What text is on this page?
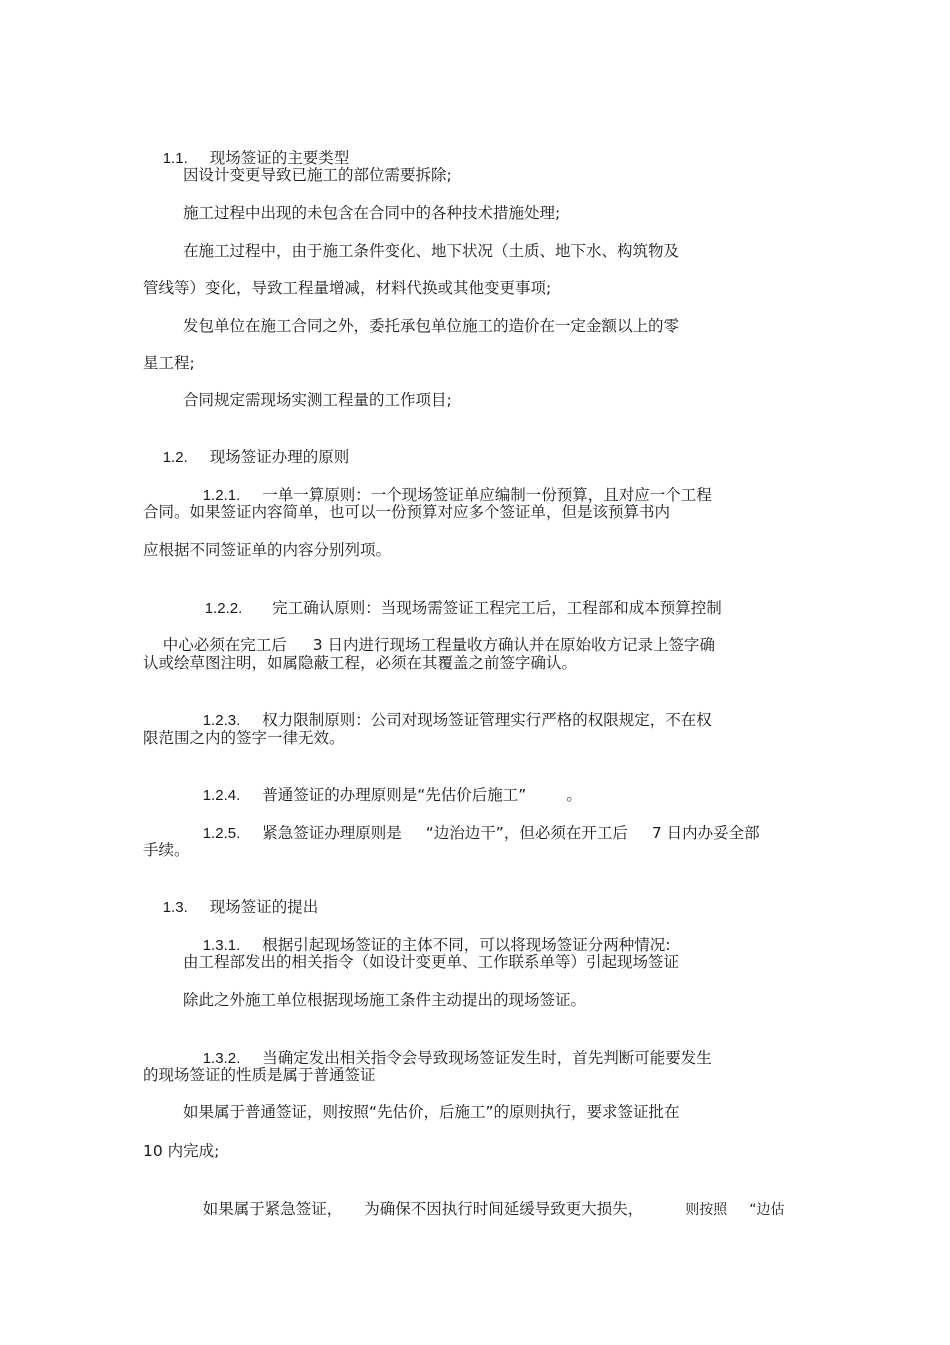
1.1. 现场签证的主要类型

因设计变更导致已施工的部位需要拆除;
施工过程中出现的未包含在合同中的各种技术措施处理;
在施工过程中，由于施工条件变化、地下状况（土质、地下水、构筑物及
管线等）变化，导致工程量增减，材料代换或其他变更事项;
发包单位在施工合同之外，委托承包单位施工的造价在一定金额以上的零
星工程;
合同规定需现场实测工程量的工作项目;

1.2. 现场签证办理的原则

1.2.1. 一单一算原则：一个现场签证单应编制一份预算，且对应一个工程

合同。如果签证内容简单，也可以一份预算对应多个签证单，但是该预算书内
应根据不同签证单的内容分别列项。

1.2.2. 完工确认原则：当现场需签证工程完工后，工程部和成本预算控制

中心必须在完工后 3 日内进行现场工程量收方确认并在原始收方记录上签字确

认或绘草图注明，如属隐蔽工程，必须在其覆盖之前签字确认。

1.2.3. 权力限制原则：公司对现场签证管理实行严格的权限规定，不在权

限范围之内的签字一律无效。

1.2.4. 普通签证的办理原则是“先估价后施工”	。

1.2.5. 紧急签证办理原则是 “边治边干”，但必须在开工后 7 日内办妥全部

手续。

1.3. 现场签证的提出

1.3.1. 根据引起现场签证的主体不同，可以将现场签证分两种情况:

由工程部发出的相关指令（如设计变更单、工作联系单等）引起现场签证
除此之外施工单位根据现场施工条件主动提出的现场签证。

1.3.2. 当确定发出相关指令会导致现场签证发生时，首先判断可能要发生

的现场签证的性质是属于普通签证
如果属于普通签证，则按照“先估价，后施工”的原则执行，要求签证批在
10 内完成;

如果属于紧急签证， 为确保不因执行时间延缓导致更大损失，	则按照 “边估
